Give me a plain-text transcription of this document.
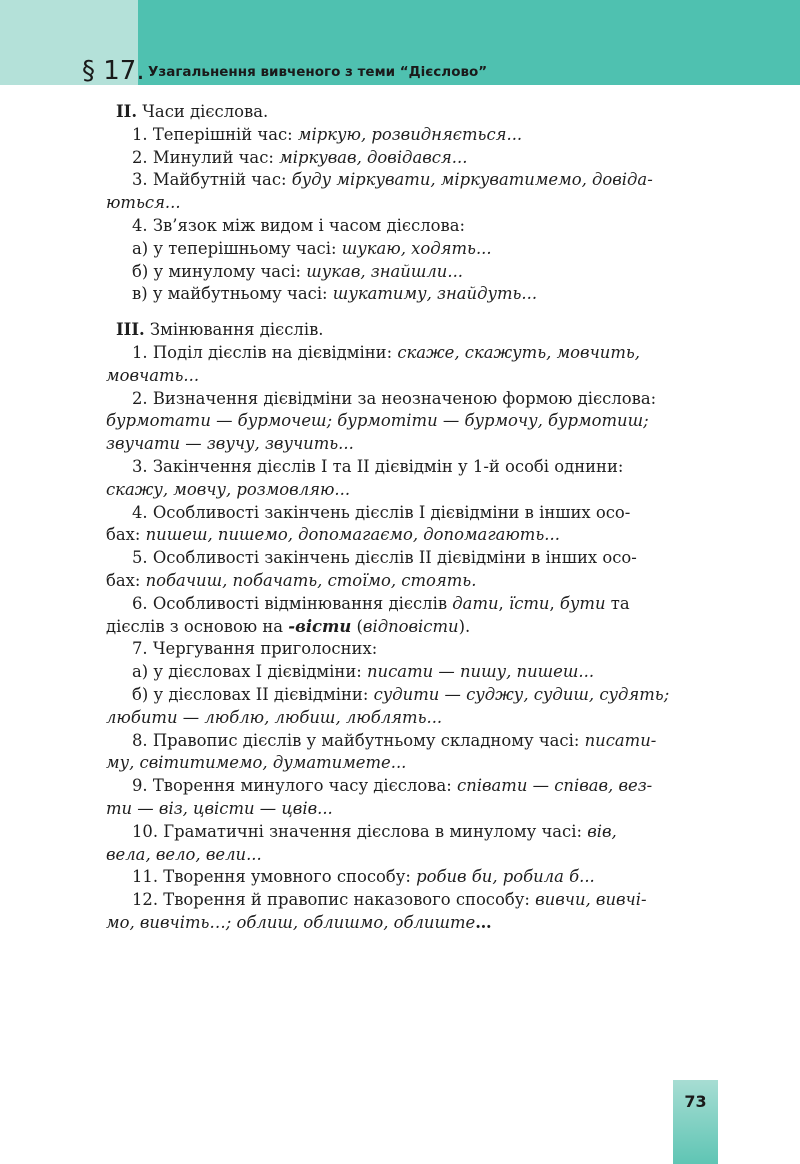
§ 17. Узагальнення вивченого з теми “Дієслово”
ІІ. Часи дієслова.
1. Теперішній час: міркую, розвидняється...
2. Минулий час: міркував, довідався...
3. Майбутній час: буду міркувати, міркуватимемо, довіда-
ються...
4. Зв’язок між видом і часом дієслова:
а) у теперішньому часі: шукаю, ходять...
б) у минулому часі: шукав, знайшли...
в) у майбутньому часі: шукатиму, знайдуть...
ІІІ. Змінювання дієслів.
1. Поділ дієслів на дієвідміни: скаже, скажуть, мовчить,
мовчать...
2. Визначення дієвідміни за неозначеною формою дієслова:
бурмотати — бурмочеш; бурмотіти — бурмочу, бурмотиш;
звучати — звучу, звучить...
3. Закінчення дієслів І та ІІ дієвідмін у 1-й особі однини:
скажу, мовчу, розмовляю...
4. Особливості закінчень дієслів І дієвідміни в інших осо-
бах: пишеш, пишемо, допомагаємо, допомагають...
5. Особливості закінчень дієслів ІІ дієвідміни в інших осо-
бах: побачиш, побачать, стоїмо, стоять.
6. Особливості відмінювання дієслів дати, їсти, бути та
дієслів з основою на -вісти (відповісти).
7. Чергування приголосних:
а) у дієсловах І дієвідміни: писати — пишу, пишеш...
б) у дієсловах ІІ дієвідміни: судити — суджу, судиш, судять;
любити — люблю, любиш, люблять...
8. Правопис дієслів у майбутньому складному часі: писати-
му, світитимемо, думатимете...
9. Творення минулого часу дієслова: співати — співав, вез-
ти — віз, цвісти — цвів...
10. Граматичні значення дієслова в минулому часі: вів,
вела, вело, вели...
11. Творення умовного способу: робив би, робила б...
12. Творення й правопис наказового способу: вивчи, вивчі-
мо, вивчіть…; облиш, облишмо, облиште…
73
